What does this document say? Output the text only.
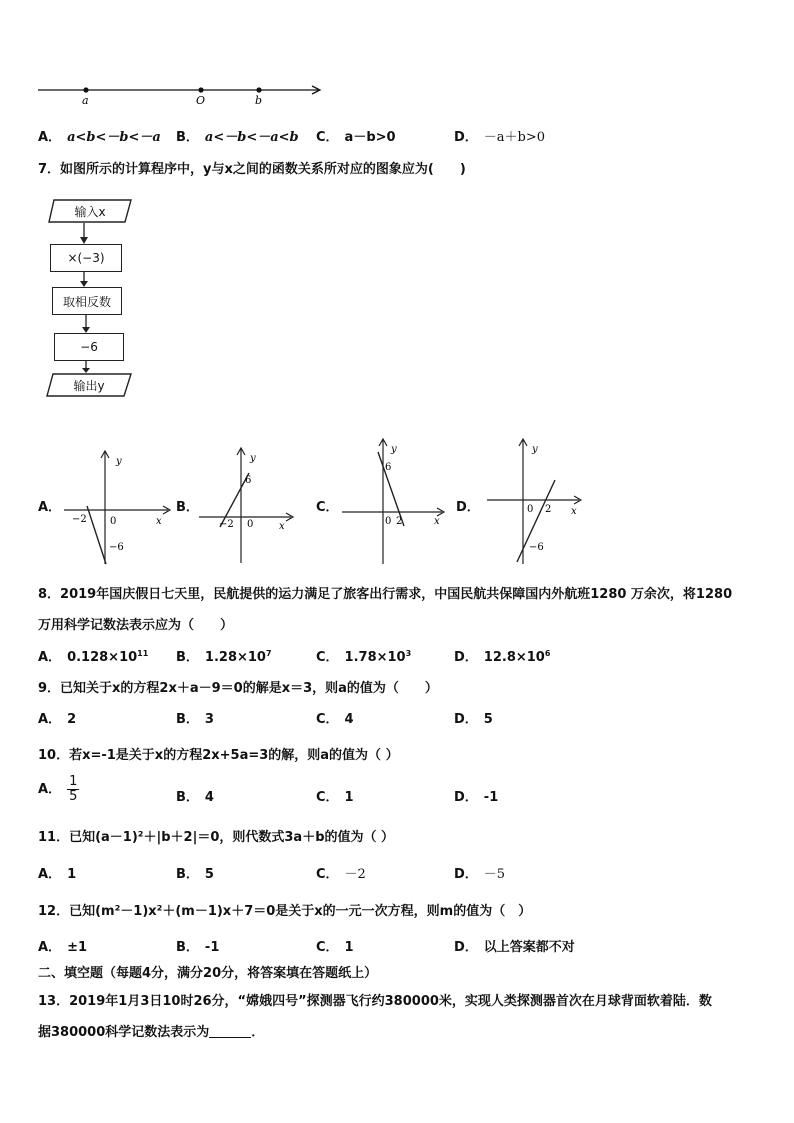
a	O	b
A． a<b<－b<－a B． a<－b<－a<b C． a－b>0	D． －a＋b>0
7．如图所示的计算程序中，y与x之间的函数关系所对应的图象应为(　　)
输入x
×(−3)
取相反数
−6
输出y
A．
y
x
0
−2
−6
B．
y
x
0
−2
6
C．
y
x
0 2
6
D．
y
x
0 2
−6
8．2019年国庆假日七天里，民航提供的运力满足了旅客出行需求，中国民航共保障国内外航班1280 万余次，将1280
万用科学记数法表示应为（　　）
A． $0.128\times 10^{11}$ B． $1.28\times 10^7$	C． $1.78\times 10^3$	D． $12.8\times 10^6$
9．已知关于x的方程2x＋a－9＝0的解是x＝3，则a的值为（　　）
A． 2	B． 3	C． 4	D． 5
10．若x=-1是关于x的方程2x+5a=3的解，则a的值为（ ）
A． $\frac{1}{5}$	B． 4	C． 1	D． -1
11．已知(a－1)²＋|b＋2|＝0，则代数式3a＋b的值为（ ）
A． 1	B． 5	C． －2	D． －5
12．已知(m²－1)x²＋(m－1)x＋7＝0是关于x的一元一次方程，则m的值为（　）
A． ±1	B． -1	C． 1	D． 以上答案都不对
二、填空题（每题4分，满分20分，将答案填在答题纸上）
13．2019年1月3日10时26分，“嫦娥四号”探测器飞行约380000米，实现人类探测器首次在月球背面软着陆．数
据380000科学记数法表示为	．
